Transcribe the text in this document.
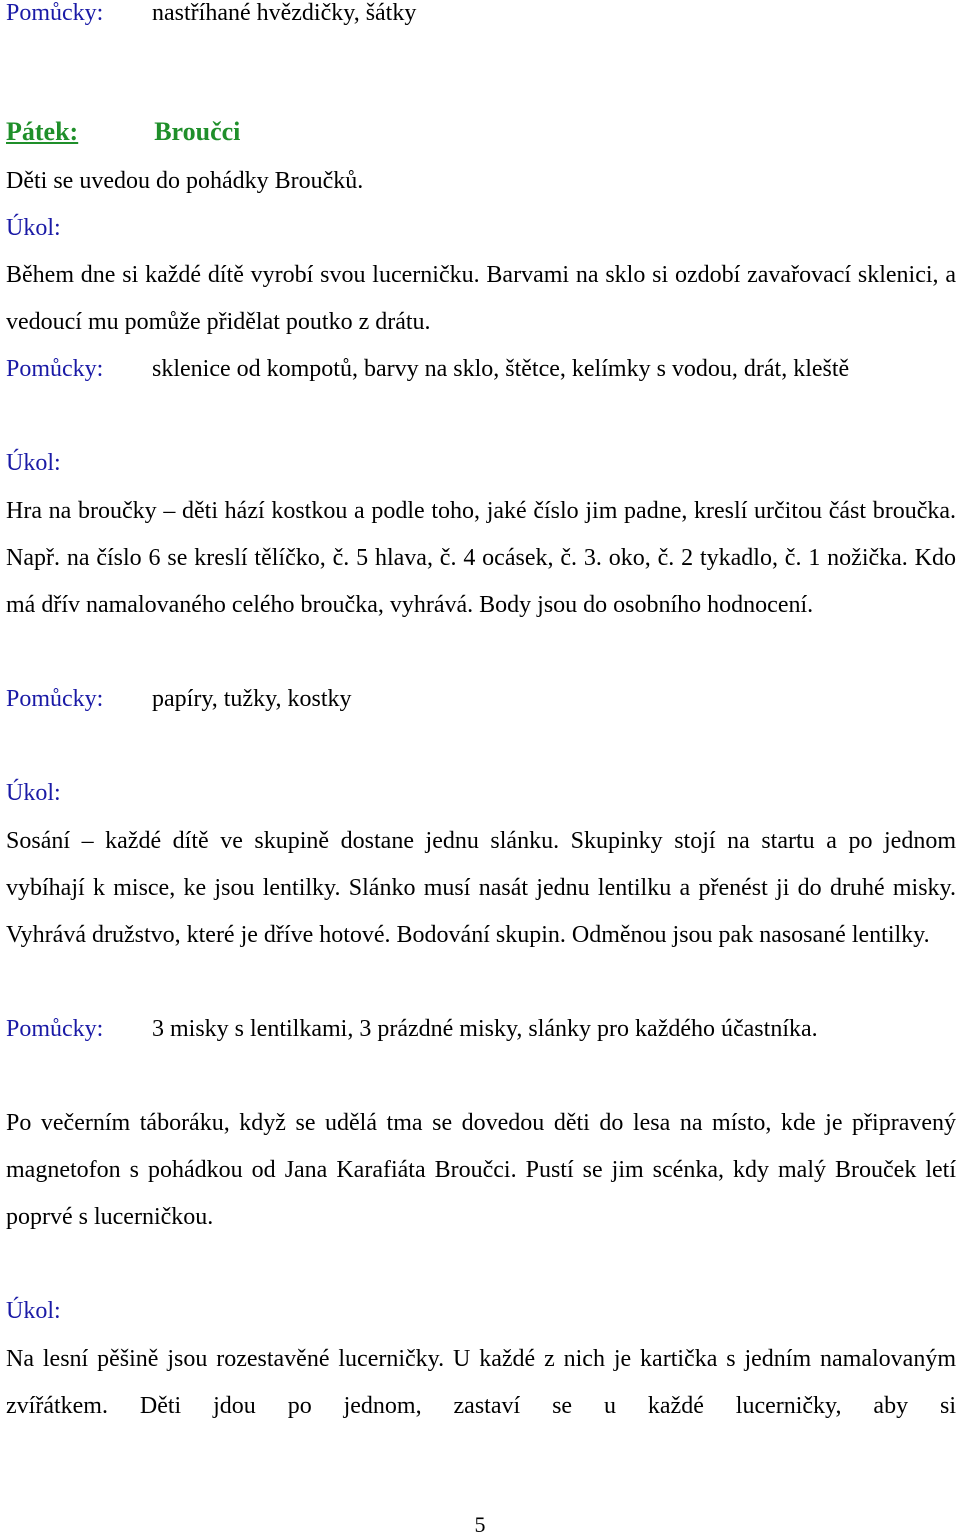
Pomůcky:	nastříhané hvězdičky, šátky
Pátek:	Broučci
Děti se uvedou do pohádky Broučků.
Úkol:
Během dne si každé dítě vyrobí svou lucerničku. Barvami na sklo si ozdobí zavařovací sklenici, a vedoucí mu pomůže přidělat poutko z drátu.
Pomůcky:	sklenice od kompotů, barvy na sklo, štětce, kelímky s vodou, drát, kleště
Úkol:
Hra na broučky – děti hází kostkou a podle toho, jaké číslo jim padne, kreslí určitou část broučka. Např. na číslo 6 se kreslí tělíčko, č. 5 hlava, č. 4 ocásek, č. 3. oko, č. 2 tykadlo, č. 1 nožička. Kdo má dřív namalovaného celého broučka, vyhrává. Body jsou do osobního hodnocení.
Pomůcky:	papíry, tužky, kostky
Úkol:
Sosání – každé dítě ve skupině dostane jednu slánku. Skupinky stojí na startu a po jednom vybíhají k misce, ke jsou lentilky. Slánko musí nasát jednu lentilku a přenést ji do druhé misky. Vyhrává družstvo, které je dříve hotové. Bodování skupin. Odměnou jsou pak nasosané lentilky.
Pomůcky:	3 misky s lentilkami, 3 prázdné misky, slánky pro každého účastníka.
Po večerním táboráku, když se udělá tma se dovedou děti do lesa na místo, kde je připravený magnetofon s pohádkou od Jana Karafiáta Broučci. Pustí se jim scénka, kdy malý Brouček letí poprvé s lucerničkou.
Úkol:
Na lesní pěšině jsou rozestavěné lucerničky. U každé z nich je kartička s jedním namalovaným zvířátkem. Děti jdou po jednom, zastaví se u každé lucerničky, aby si
5
